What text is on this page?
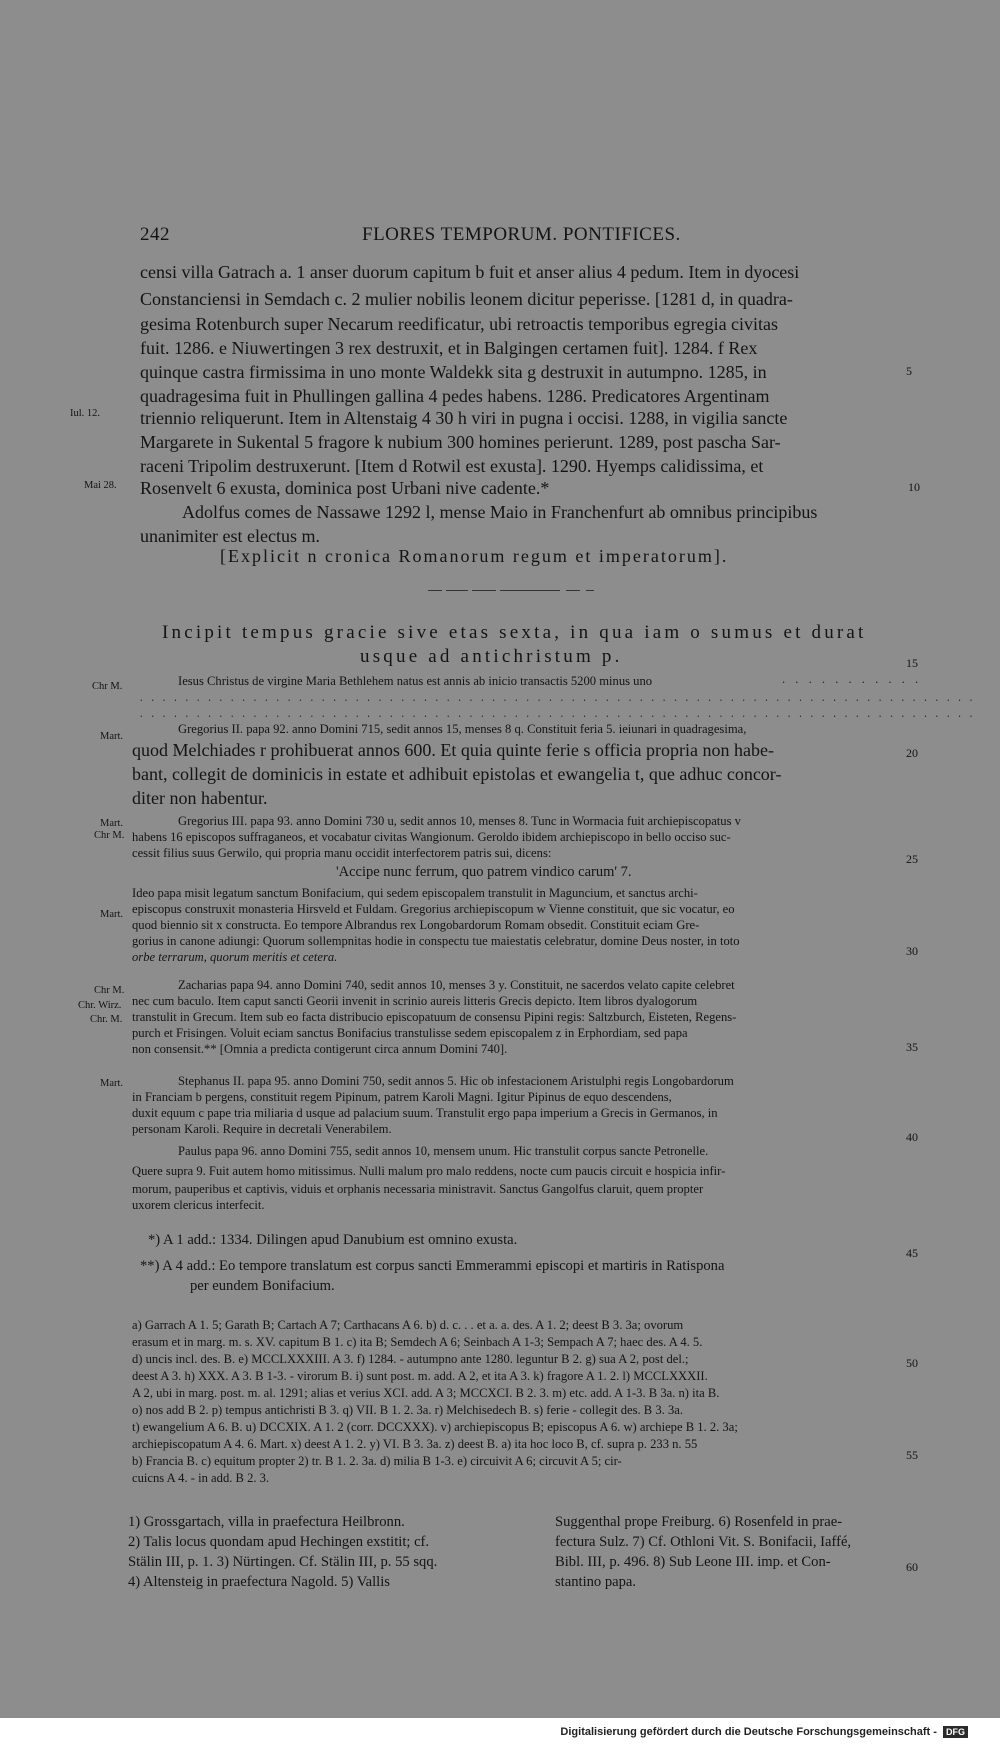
242	FLORES TEMPORUM. PONTIFICES.
Iul. 12.
Mai 28.
Chr M.
Mart.
Mart.
Chr M.
Mart.
Chr M.
Chr. Wirz.
Chr. M.
Mart.
5
10
15
20
25
30
35
40
45
50
55
60
censi villa Gatrach a. 1 anser duorum capitum b fuit et anser alius 4 pedum. Item in dyocesi
Constanciensi in Semdach c. 2 mulier nobilis leonem dicitur peperisse. [1281 d, in quadra-
gesima Rotenburch super Necarum reedificatur, ubi retroactis temporibus egregia civitas
fuit. 1286. e Niuwertingen 3 rex destruxit, et in Balgingen certamen fuit]. 1284. f Rex
quinque castra firmissima in uno monte Waldekk sita g destruxit in autumpno. 1285, in
quadragesima fuit in Phullingen gallina 4 pedes habens. 1286. Predicatores Argentinam
triennio reliquerunt. Item in Altenstaig 4 30 h viri in pugna i occisi. 1288, in vigilia sancte
Margarete in Sukental 5 fragore k nubium 300 homines perierunt. 1289, post pascha Sar-
raceni Tripolim destruxerunt. [Item d Rotwil est exusta]. 1290. Hyemps calidissima, et
Rosenvelt 6 exusta, dominica post Urbani nive cadente.*
Adolfus comes de Nassawe 1292 l, mense Maio in Franchenfurt ab omnibus principibus
unanimiter est electus m.
[Explicit n cronica Romanorum regum et imperatorum].
Incipit tempus gracie sive etas sexta, in qua iam o sumus et durat
usque ad antichristum p.
Iesus Christus de virgine Maria Bethlehem natus est annis ab inicio transactis 5200 minus uno	. . . . . . . . . . .
. . . . . . . . . . . . . . . . . . . . . . . . . . . . . . . . . . . . . . . . . . . . . . . . . . . . . . . . . . . . . . . . . . . . . . . . . .
. . . . . . . . . . . . . . . . . . . . . . . . . . . . . . . . . . . . . . . . . . . . . . . . . . . . . . . . . . . . . . . . . . . . . . . . . .
Gregorius II. papa 92. anno Domini 715, sedit annos 15, menses 8 q. Constituit feria 5. ieiunari in quadragesima,
quod Melchiades r prohibuerat annos 600. Et quia quinte ferie s officia propria non habe-
bant, collegit de dominicis in estate et adhibuit epistolas et ewangelia t, que adhuc concor-
diter non habentur.
Gregorius III. papa 93. anno Domini 730 u, sedit annos 10, menses 8. Tunc in Wormacia fuit archiepiscopatus v
habens 16 episcopos suffraganeos, et vocabatur civitas Wangionum. Geroldo ibidem archiepiscopo in bello occiso suc-
cessit filius suus Gerwilo, qui propria manu occidit interfectorem patris sui, dicens:
'Accipe nunc ferrum, quo patrem vindico carum' 7.
Ideo papa misit legatum sanctum Bonifacium, qui sedem episcopalem transtulit in Maguncium, et sanctus archi-
episcopus construxit monasteria Hirsveld et Fuldam. Gregorius archiepiscopum w Vienne constituit, que sic vocatur, eo
quod biennio sit x constructa. Eo tempore Albrandus rex Longobardorum Romam obsedit. Constituit eciam Gre-
gorius in canone adiungi: Quorum sollempnitas hodie in conspectu tue maiestatis celebratur, domine Deus noster, in toto
orbe terrarum, quorum meritis et cetera.
Zacharias papa 94. anno Domini 740, sedit annos 10, menses 3 y. Constituit, ne sacerdos velato capite celebret
nec cum baculo. Item caput sancti Georii invenit in scrinio aureis litteris Grecis depicto. Item libros dyalogorum
transtulit in Grecum. Item sub eo facta distribucio episcopatuum de consensu Pipini regis: Saltzburch, Eisteten, Regens-
purch et Frisingen. Voluit eciam sanctus Bonifacius transtulisse sedem episcopalem z in Erphordiam, sed papa
non consensit.** [Omnia a predicta contigerunt circa annum Domini 740].
Stephanus II. papa 95. anno Domini 750, sedit annos 5. Hic ob infestacionem Aristulphi regis Longobardorum
in Franciam b pergens, constituit regem Pipinum, patrem Karoli Magni. Igitur Pipinus de equo descendens,
duxit equum c pape tria miliaria d usque ad palacium suum. Transtulit ergo papa imperium a Grecis in Germanos, in
personam Karoli. Require in decretali Venerabilem.
Paulus papa 96. anno Domini 755, sedit annos 10, mensem unum. Hic transtulit corpus sancte Petronelle.
Quere supra 9. Fuit autem homo mitissimus. Nulli malum pro malo reddens, nocte cum paucis circuit e hospicia infir-
morum, pauperibus et captivis, viduis et orphanis necessaria ministravit. Sanctus Gangolfus claruit, quem propter
uxorem clericus interfecit.
*) A 1 add.: 1334. Dilingen apud Danubium est omnino exusta.
**) A 4 add.: Eo tempore translatum est corpus sancti Emmerammi episcopi et martiris in Ratispona
per eundem Bonifacium.
a) Garrach A 1. 5; Garath B; Cartach A 7; Carthacans A 6. b) d. c. . . et a. a. des. A 1. 2; deest B 3. 3a; ovorum
erasum et in marg. m. s. XV. capitum B 1. c) ita B; Semdech A 6; Seinbach A 1-3; Sempach A 7; haec des. A 4. 5.
d) uncis incl. des. B. e) MCCLXXXIII. A 3. f) 1284. - autumpno ante 1280. leguntur B 2. g) sua A 2, post del.;
deest A 3. h) XXX. A 3. B 1-3. - virorum B. i) sunt post. m. add. A 2, et ita A 3. k) fragore A 1. 2. l) MCCLXXXII.
A 2, ubi in marg. post. m. al. 1291; alias et verius XCI. add. A 3; MCCXCI. B 2. 3. m) etc. add. A 1-3. B 3a. n) ita B.
o) nos add B 2. p) tempus antichristi B 3. q) VII. B 1. 2. 3a. r) Melchisedech B. s) ferie - collegit des. B 3. 3a.
t) ewangelium A 6. B. u) DCCXIX. A 1. 2 (corr. DCCXXX). v) archiepiscopus B; episcopus A 6. w) archiepe B 1. 2. 3a;
archiepiscopatum A 4. 6. Mart. x) deest A 1. 2. y) VI. B 3. 3a. z) deest B. a) ita hoc loco B, cf. supra p. 233 n. 55
b) Francia B. c) equitum propter 2) tr. B 1. 2. 3a. d) milia B 1-3. e) circuivit A 6; circuvit A 5; cir-
cuicns A 4. - in add. B 2. 3.
1) Grossgartach, villa in praefectura Heilbronn.
2) Talis locus quondam apud Hechingen exstitit; cf.
Stälin III, p. 1. 3) Nürtingen. Cf. Stälin III, p. 55 sqq.
4) Altensteig in praefectura Nagold. 5) Vallis
Suggenthal prope Freiburg. 6) Rosenfeld in prae-
fectura Sulz. 7) Cf. Othloni Vit. S. Bonifacii, Iaffé,
Bibl. III, p. 496. 8) Sub Leone III. imp. et Con-
stantino papa.
Digitalisierung gefördert durch die Deutsche Forschungsgemeinschaft - DFG
